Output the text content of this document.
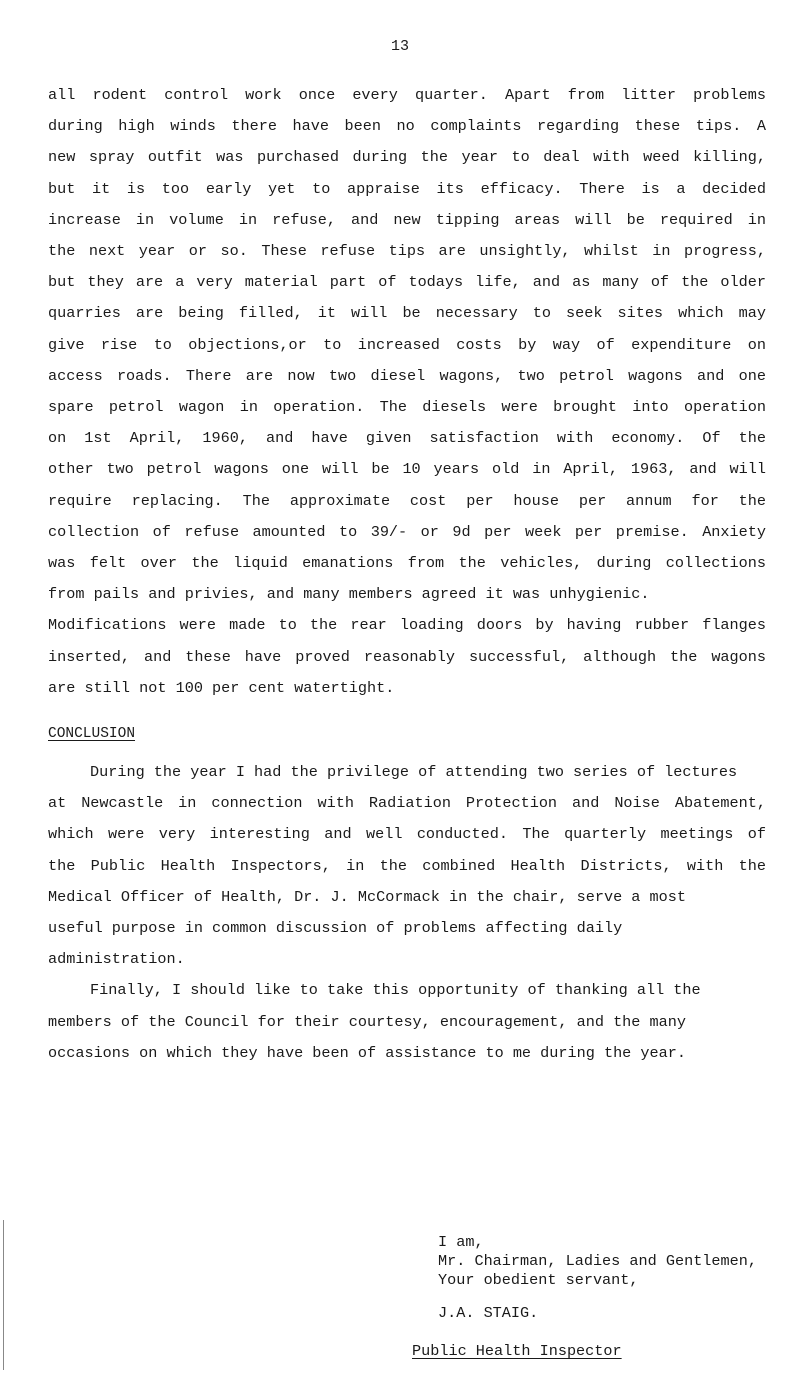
13
all rodent control work once every quarter. Apart from litter problems
during high winds there have been no complaints regarding these tips. A
new spray outfit was purchased during the year to deal with weed killing,
but it is too early yet to appraise its efficacy. There is a decided
increase in volume in refuse, and new tipping areas will be required in
the next year or so. These refuse tips are unsightly, whilst in progress,
but they are a very material part of todays life, and as many of the older
quarries are being filled, it will be necessary to seek sites which may
give rise to objections,or to increased costs by way of expenditure on
access roads. There are now two diesel wagons, two petrol wagons and one
spare petrol wagon in operation. The diesels were brought into operation
on 1st April, 1960, and have given satisfaction with economy. Of the
other two petrol wagons one will be 10 years old in April, 1963, and will
require replacing. The approximate cost per house per annum for the
collection of refuse amounted to 39/- or 9d per week per premise. Anxiety
was felt over the liquid emanations from the vehicles, during collections
from pails and privies, and many members agreed it was unhygienic.
Modifications were made to the rear loading doors by having rubber flanges
inserted, and these have proved reasonably successful, although the wagons
are still not 100 per cent watertight.
CONCLUSION
During the year I had the privilege of attending two series of lectures
at Newcastle in connection with Radiation Protection and Noise Abatement,
which were very interesting and well conducted. The quarterly meetings of
the Public Health Inspectors, in the combined Health Districts, with the
Medical Officer of Health, Dr. J. McCormack in the chair, serve a most
useful purpose in common discussion of problems affecting daily
administration.
Finally, I should like to take this opportunity of thanking all the
members of the Council for their courtesy, encouragement, and the many
occasions on which they have been of assistance to me during the year.
I am,
Mr. Chairman, Ladies and Gentlemen,
Your obedient servant,
J.A. STAIG.
Public Health Inspector
